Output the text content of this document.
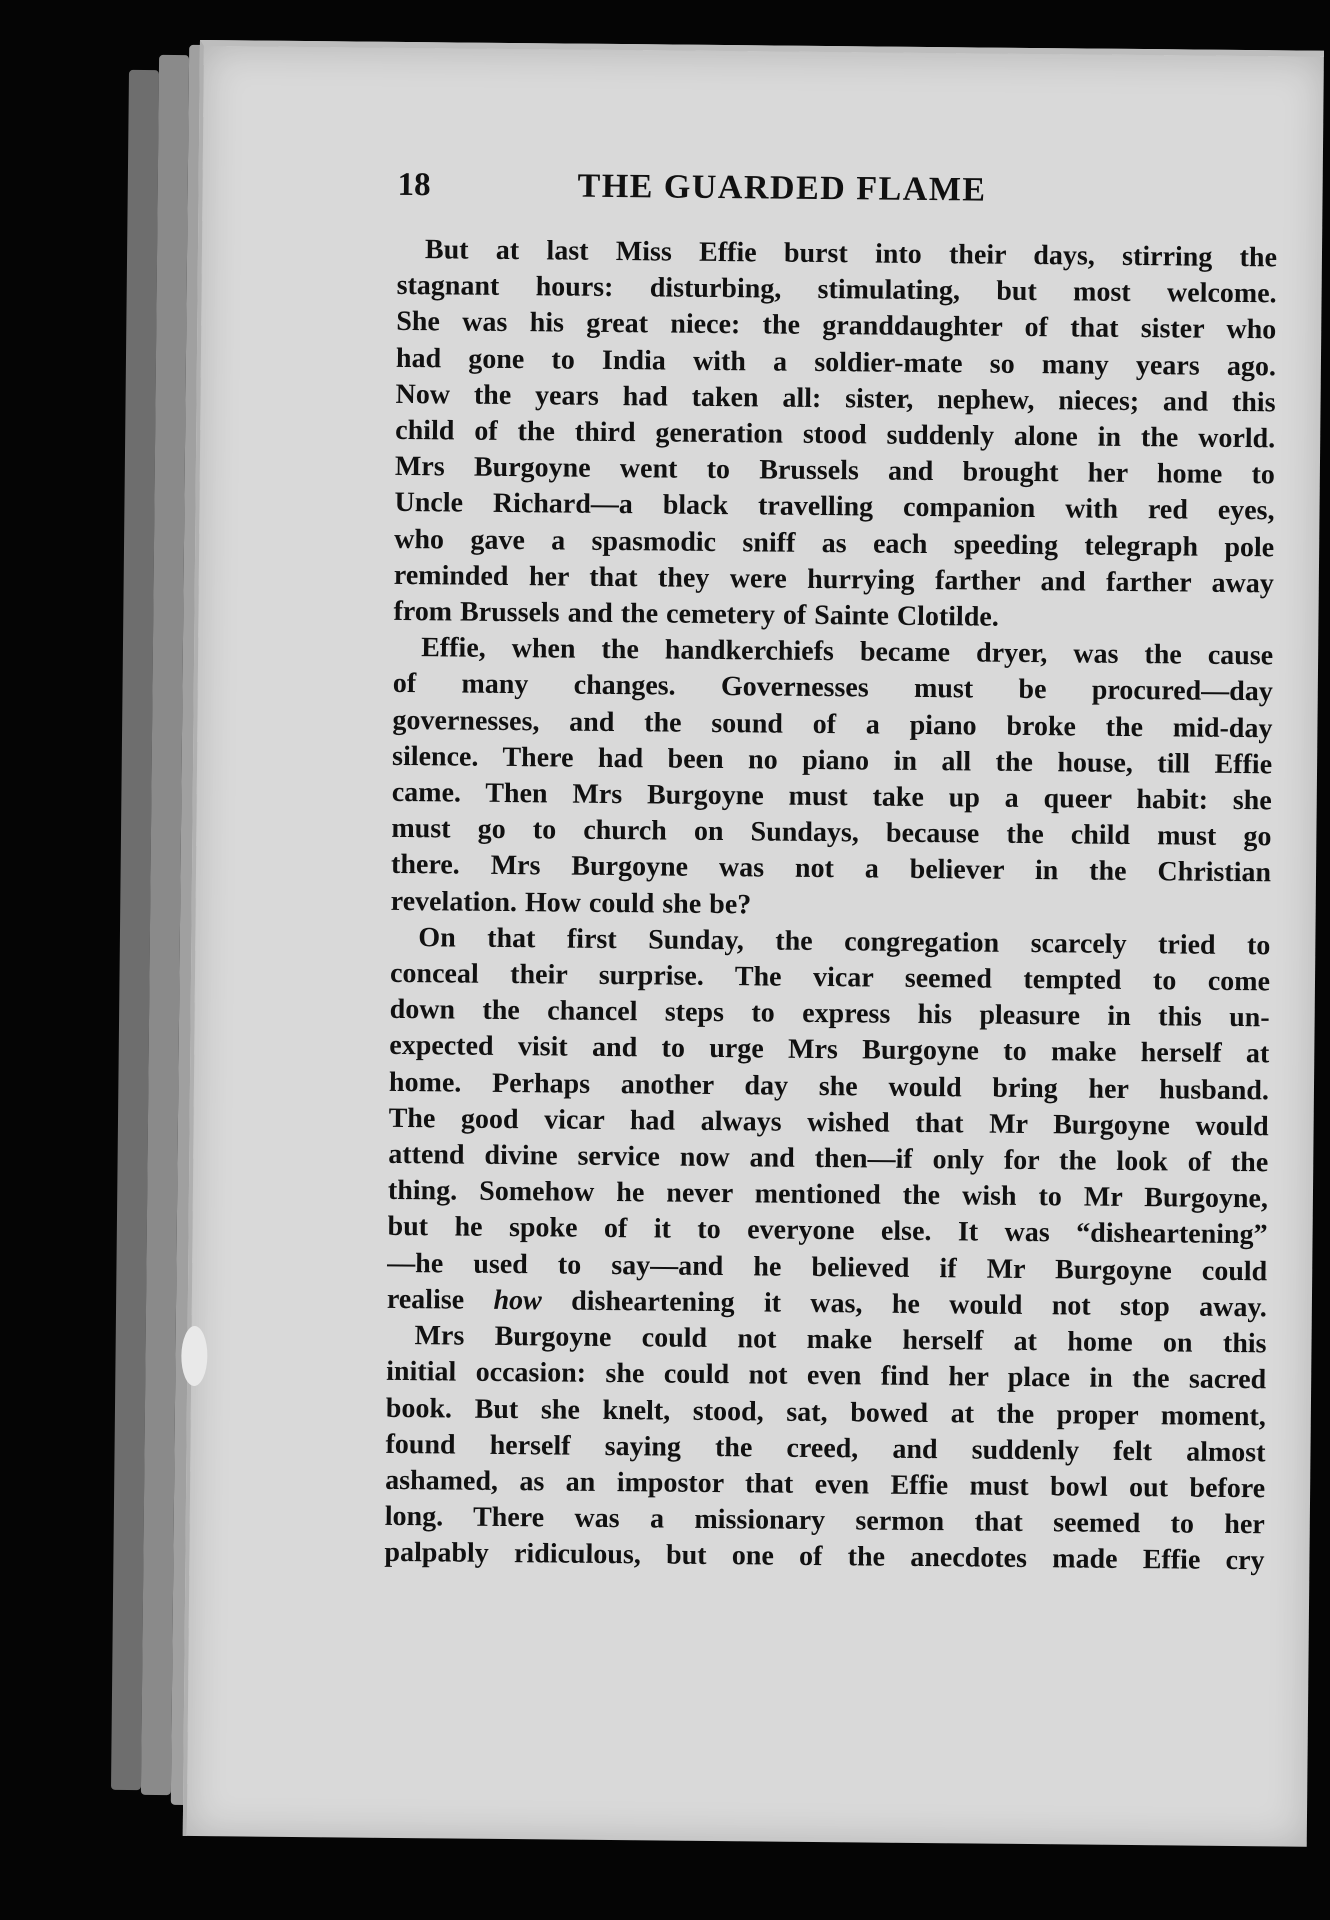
18	THE GUARDED FLAME

But at last Miss Effie burst into their days, stirring the
stagnant hours: disturbing, stimulating, but most welcome.
She was his great niece: the granddaughter of that sister who
had gone to India with a soldier-mate so many years ago.
Now the years had taken all: sister, nephew, nieces; and this
child of the third generation stood suddenly alone in the world.
Mrs Burgoyne went to Brussels and brought her home to
Uncle Richard—a black travelling companion with red eyes,
who gave a spasmodic sniff as each speeding telegraph pole
reminded her that they were hurrying farther and farther away
from Brussels and the cemetery of Sainte Clotilde.

Effie, when the handkerchiefs became dryer, was the cause
of many changes. Governesses must be procured—day
governesses, and the sound of a piano broke the mid-day
silence. There had been no piano in all the house, till Effie
came. Then Mrs Burgoyne must take up a queer habit: she
must go to church on Sundays, because the child must go
there. Mrs Burgoyne was not a believer in the Christian
revelation. How could she be?

On that first Sunday, the congregation scarcely tried to
conceal their surprise. The vicar seemed tempted to come
down the chancel steps to express his pleasure in this un-
expected visit and to urge Mrs Burgoyne to make herself at
home. Perhaps another day she would bring her husband.
The good vicar had always wished that Mr Burgoyne would
attend divine service now and then—if only for the look of the
thing. Somehow he never mentioned the wish to Mr Burgoyne,
but he spoke of it to everyone else. It was “disheartening”
—he used to say—and he believed if Mr Burgoyne could
realise how disheartening it was, he would not stop away.

Mrs Burgoyne could not make herself at home on this
initial occasion: she could not even find her place in the sacred
book. But she knelt, stood, sat, bowed at the proper moment,
found herself saying the creed, and suddenly felt almost
ashamed, as an impostor that even Effie must bowl out before
long. There was a missionary sermon that seemed to her
palpably ridiculous, but one of the anecdotes made Effie cry
